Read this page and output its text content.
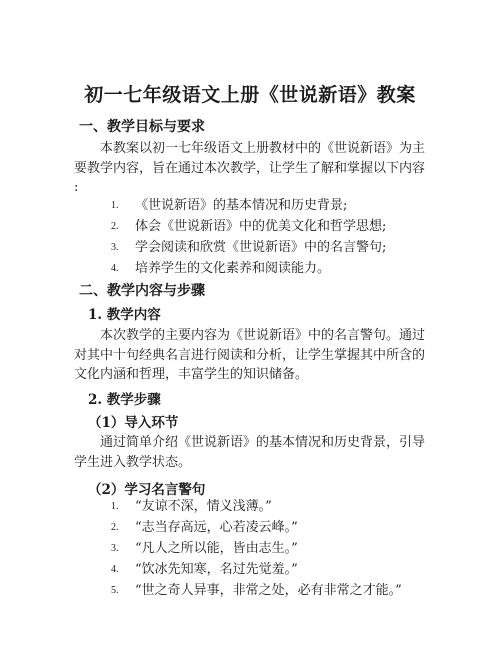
初一七年级语文上册《世说新语》教案
一、教学目标与要求
本教案以初一七年级语文上册教材中的《世说新语》为主
要教学内容，旨在通过本次教学，让学生了解和掌握以下内容
:
1. 《世说新语》的基本情况和历史背景;
2. 体会《世说新语》中的优美文化和哲学思想;
3. 学会阅读和欣赏《世说新语》中的名言警句;
4. 培养学生的文化素养和阅读能力。
二、教学内容与步骤
1. 教学内容
本次教学的主要内容为《世说新语》中的名言警句。通过
对其中十句经典名言进行阅读和分析，让学生掌握其中所含的
文化内涵和哲理，丰富学生的知识储备。
2. 教学步骤
（1）导入环节
通过简单介绍《世说新语》的基本情况和历史背景，引导
学生进入教学状态。
（2）学习名言警句
1. “友谅不深，情义浅薄。”
2. “志当存高远，心若凌云峰。”
3. “凡人之所以能，皆由志生。”
4. “饮冰先知寒，名过先觉羞。”
5. “世之奇人异事，非常之处，必有非常之才能。”
